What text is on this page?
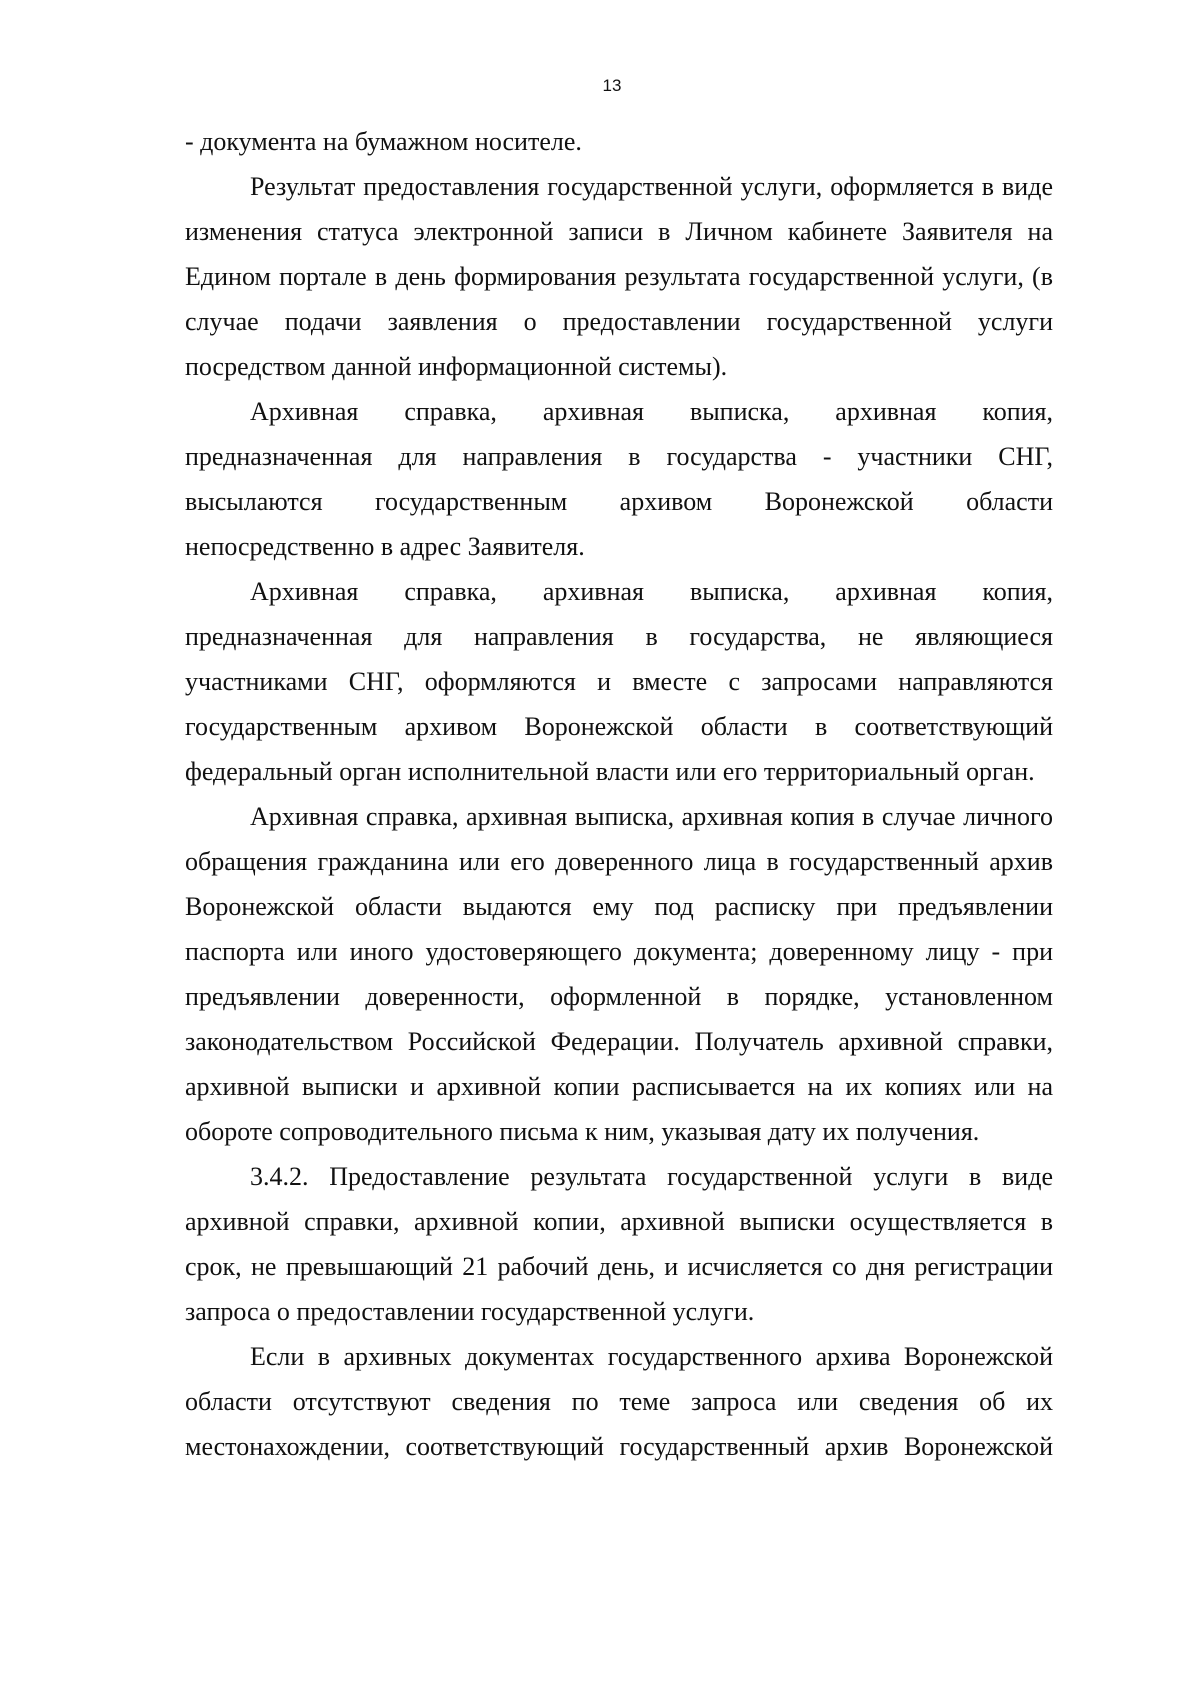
13
- документа на бумажном носителе.
Результат предоставления государственной услуги, оформляется в виде
изменения статуса электронной записи в Личном кабинете Заявителя на
Едином портале в день формирования результата государственной услуги, (в
случае подачи заявления о предоставлении государственной услуги
посредством данной информационной системы).
Архивная справка, архивная выписка, архивная копия,
предназначенная для направления в государства - участники СНГ,
высылаются государственным архивом Воронежской области
непосредственно в адрес Заявителя.
Архивная справка, архивная выписка, архивная копия,
предназначенная для направления в государства, не являющиеся
участниками СНГ, оформляются и вместе с запросами направляются
государственным архивом Воронежской области в соответствующий
федеральный орган исполнительной власти или его территориальный орган.
Архивная справка, архивная выписка, архивная копия в случае личного
обращения гражданина или его доверенного лица в государственный архив
Воронежской области выдаются ему под расписку при предъявлении
паспорта или иного удостоверяющего документа; доверенному лицу - при
предъявлении доверенности, оформленной в порядке, установленном
законодательством Российской Федерации. Получатель архивной справки,
архивной выписки и архивной копии расписывается на их копиях или на
обороте сопроводительного письма к ним, указывая дату их получения.
3.4.2. Предоставление результата государственной услуги в виде
архивной справки, архивной копии, архивной выписки осуществляется в
срок, не превышающий 21 рабочий день, и исчисляется со дня регистрации
запроса о предоставлении государственной услуги.
Если в архивных документах государственного архива Воронежской
области отсутствуют сведения по теме запроса или сведения об их
местонахождении, соответствующий государственный архив Воронежской
